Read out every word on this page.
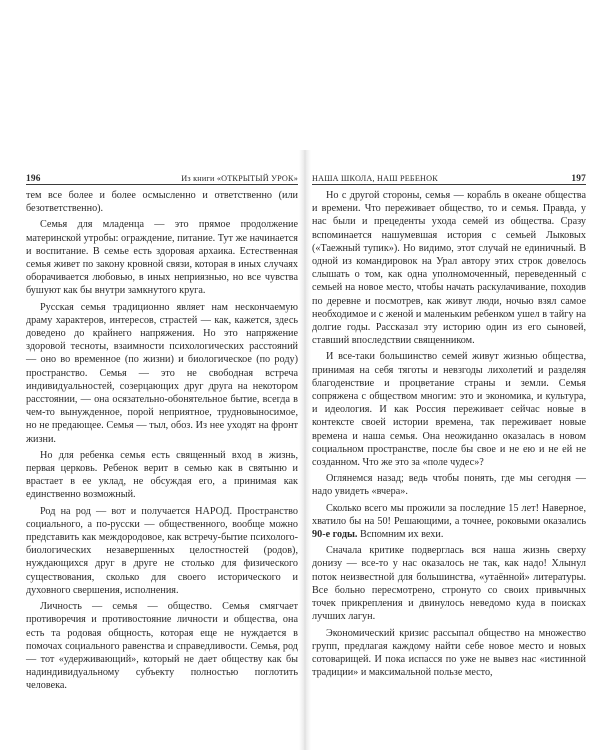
196	Из книги «ОТКРЫТЫЙ УРОК»

тем все более и более осмысленно и ответственно (или безответственно).

Семья для младенца — это прямое продолжение материнской утробы: ограждение, питание. Тут же начинается и воспитание. В семье есть здоровая архаика. Естественная семья живет по закону кровной связи, которая в иных случаях оборачивается любовью, в иных неприязнью, но все чувства бушуют как бы внутри замкнутого круга.

Русская семья традиционно являет нам нескончаемую драму характеров, интересов, страстей — как, кажется, здесь доведено до крайнего напряжения. Но это напряжение здоровой тесноты, взаимности психологических расстояний — оно во временное (по жизни) и биологическое (по роду) пространство. Семья — это не свободная встреча индивидуальностей, созерцающих друг друга на некотором расстоянии, — она осязательно-обонятельное бытие, всегда в чем-то вынужденное, порой неприятное, трудновыносимое, но не предающее. Семья — тыл, обоз. Из нее уходят на фронт жизни.

Но для ребенка семья есть священный вход в жизнь, первая церковь. Ребенок верит в семью как в святыню и врастает в ее уклад, не обсуждая его, а принимая как единственно возможный.

Род на род — вот и получается НАРОД. Пространство социального, а по-русски — общественного, вообще можно представить как междородовое, как встречу-бытие психолого-биологических незавершенных целостностей (родов), нуждающихся друг в друге не столько для физического существования, сколько для своего исторического и духовного свершения, исполнения.

Личность — семья — общество. Семья смягчает противоречия и противостояние личности и общества, она есть та родовая общность, которая еще не нуждается в помочах социального равенства и справедливости. Семья, род — тот «удерживающий», который не дает обществу как бы надиндивидуальному субъекту полностью поглотить человека.

НАША ШКОЛА, НАШ РЕБЕНОК	197

Но с другой стороны, семья — корабль в океане общества и времени. Что переживает общество, то и семья. Правда, у нас были и прецеденты ухода семей из общества. Сразу вспоминается нашумевшая история с семьей Лыковых («Таежный тупик»). Но видимо, этот случай не единичный. В одной из командировок на Урал автору этих строк довелось слышать о том, как одна уполномоченный, переведенный с семьей на новое место, чтобы начать раскулачивание, походив по деревне и посмотрев, как живут люди, ночью взял самое необходимое и с женой и маленьким ребенком ушел в тайгу на долгие годы. Рассказал эту историю один из его сыновей, ставший впоследствии священником.

И все-таки большинство семей живут жизнью общества, принимая на себя тяготы и невзгоды лихолетий и разделяя благоденствие и процветание страны и земли. Семья сопряжена с обществом многим: это и экономика, и культура, и идеология. И как Россия переживает сейчас новые в контексте своей истории времена, так переживает новые времена и наша семья. Она неожиданно оказалась в новом социальном пространстве, после бы свое и не ею и не ей не созданном. Что же это за «поле чудес»?

Оглянемся назад; ведь чтобы понять, где мы сегодня — надо увидеть «вчера».

Сколько всего мы прожили за последние 15 лет! Наверное, хватило бы на 50! Решающими, а точнее, роковыми оказались 90-е годы. Вспомним их вехи.

Сначала критике подверглась вся наша жизнь сверху донизу — все-то у нас оказалось не так, как надо! Хлынул поток неизвестной для большинства, «утаённой» литературы. Все больно пересмотрено, стронуто со своих привычных точек прикрепления и двинулось неведомо куда в поисках лучших лагун.

Экономический кризис рассыпал общество на множество групп, предлагая каждому найти себе новое место и новых сотоварищей. И пока испасся по уже не вывез нас «истинной традиции» и максимальной пользе место,
